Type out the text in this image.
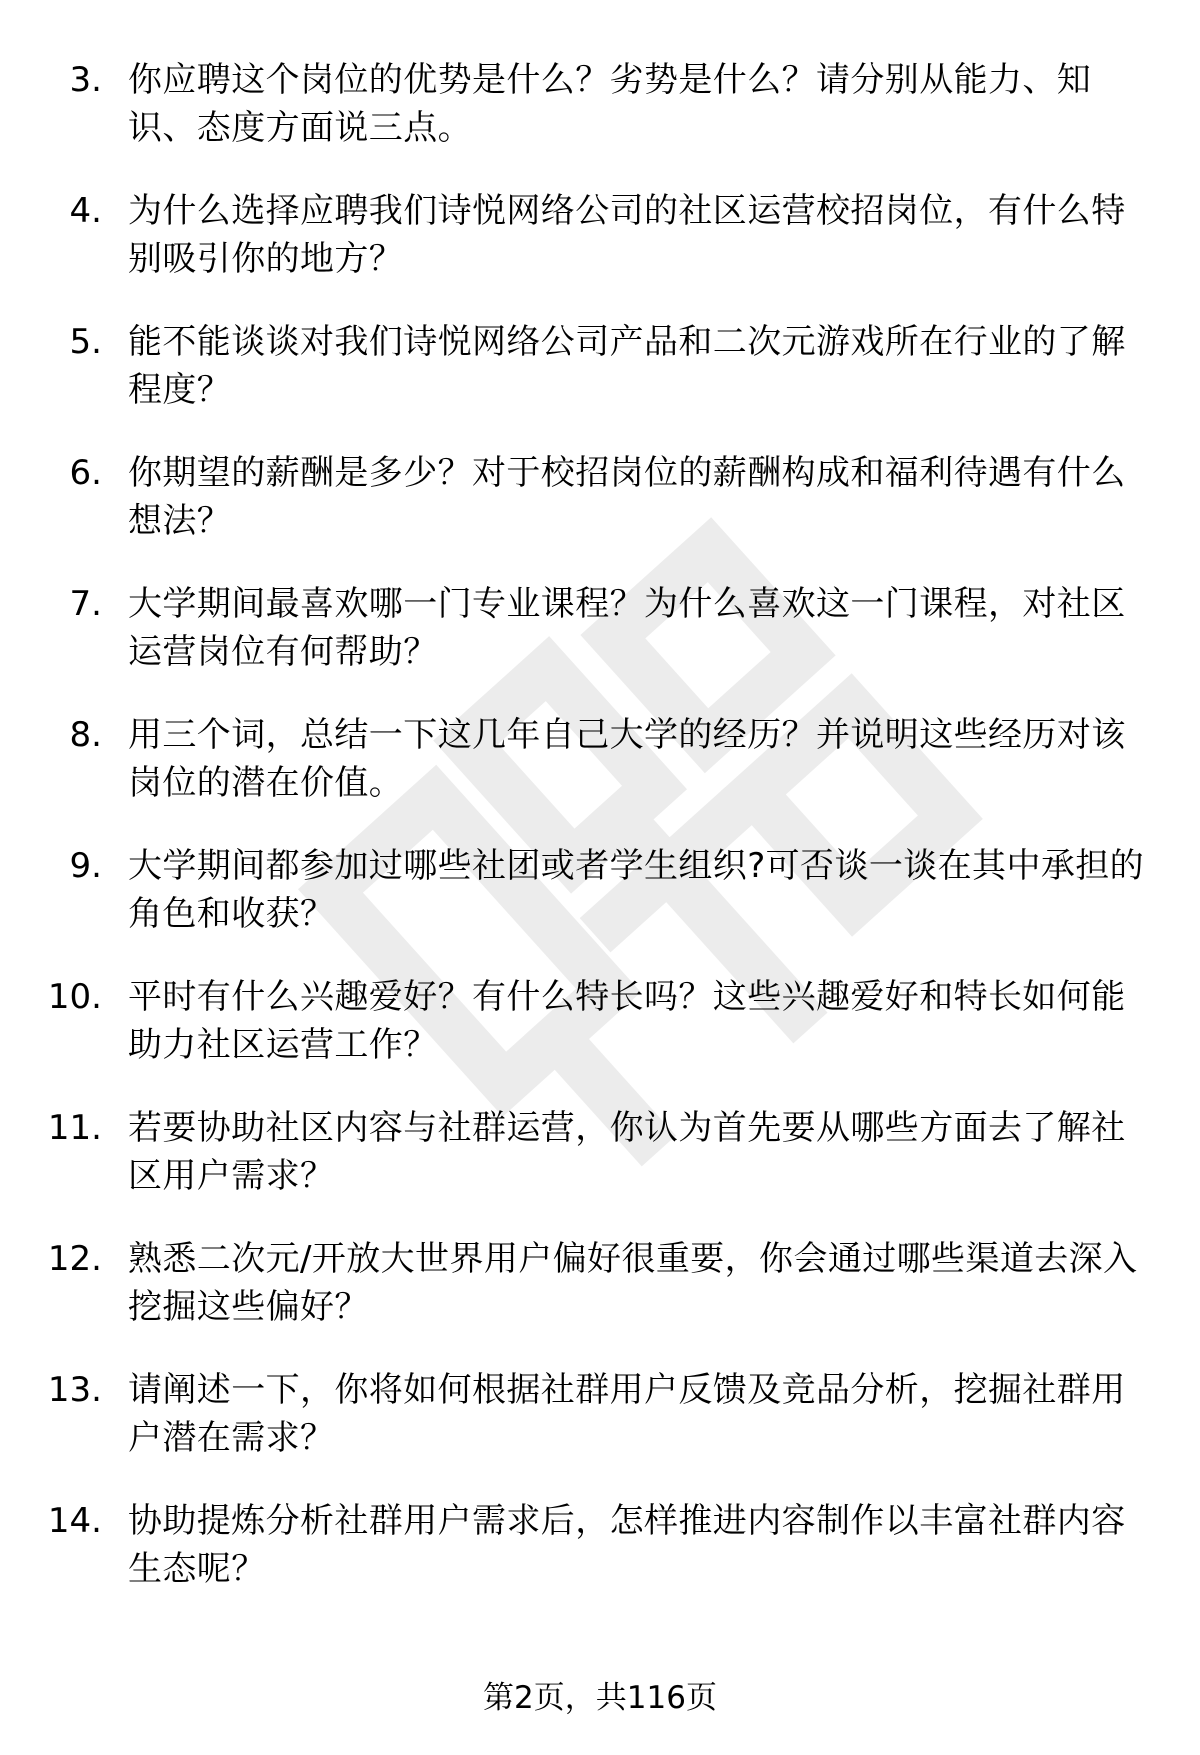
3. 你应聘这个岗位的优势是什么？劣势是什么？请分别从能力、知识、态度方面说三点。

4. 为什么选择应聘我们诗悦网络公司的社区运营校招岗位，有什么特别吸引你的地方？

5. 能不能谈谈对我们诗悦网络公司产品和二次元游戏所在行业的了解程度？

6. 你期望的薪酬是多少？对于校招岗位的薪酬构成和福利待遇有什么想法？

7. 大学期间最喜欢哪一门专业课程？为什么喜欢这一门课程，对社区运营岗位有何帮助？

8. 用三个词，总结一下这几年自己大学的经历？并说明这些经历对该岗位的潜在价值。

9. 大学期间都参加过哪些社团或者学生组织?可否谈一谈在其中承担的角色和收获？

10. 平时有什么兴趣爱好？有什么特长吗？这些兴趣爱好和特长如何能助力社区运营工作？

11. 若要协助社区内容与社群运营，你认为首先要从哪些方面去了解社区用户需求？

12. 熟悉二次元/开放大世界用户偏好很重要，你会通过哪些渠道去深入挖掘这些偏好？

13. 请阐述一下，你将如何根据社群用户反馈及竞品分析，挖掘社群用户潜在需求？

14. 协助提炼分析社群用户需求后，怎样推进内容制作以丰富社群内容生态呢？

第2页，共116页
